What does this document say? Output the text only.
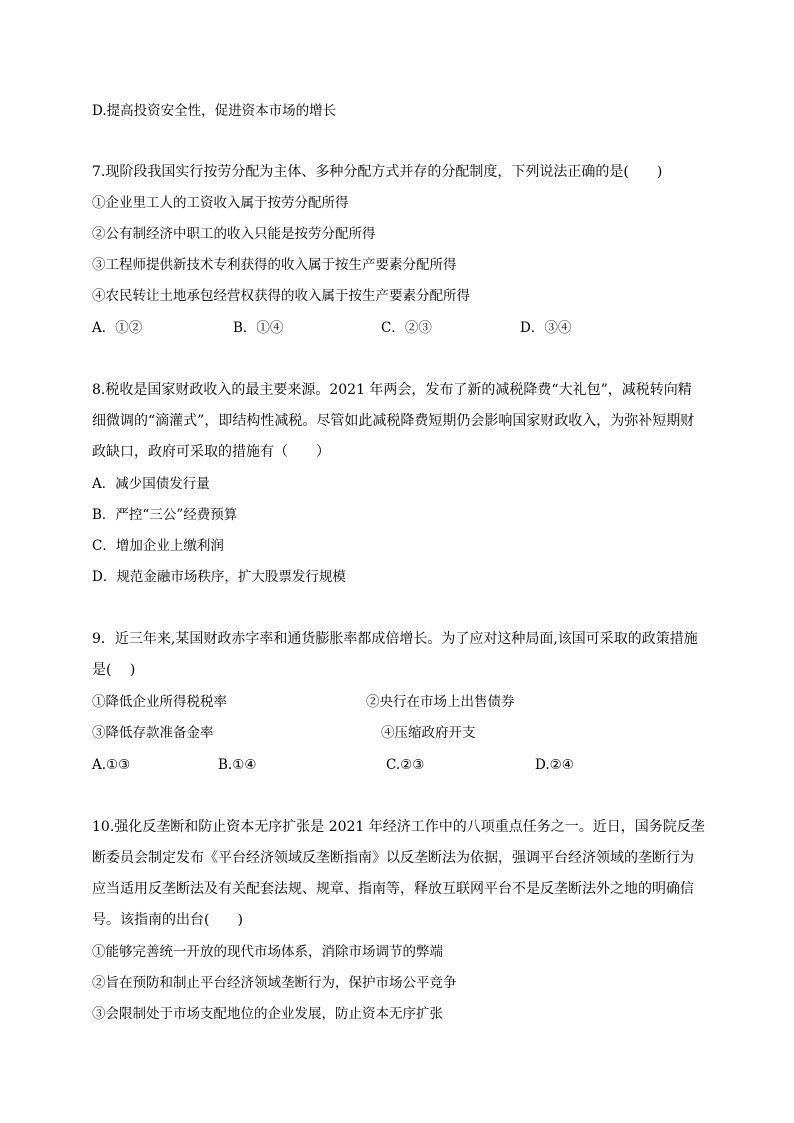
D.提高投资安全性，促进资本市场的增长
7.现阶段我国实行按劳分配为主体、多种分配方式并存的分配制度，下列说法正确的是(　　)
①企业里工人的工资收入属于按劳分配所得
②公有制经济中职工的收入只能是按劳分配所得
③工程师提供新技术专利获得的收入属于按生产要素分配所得
④农民转让土地承包经营权获得的收入属于按生产要素分配所得
A．①②	B．①④	C．②③	D．③④
8.税收是国家财政收入的最主要来源。2021 年两会，发布了新的减税降费“大礼包”，减税转向精
细微调的“滴灌式”，即结构性减税。尽管如此减税降费短期仍会影响国家财政收入，为弥补短期财
政缺口，政府可采取的措施有（　　）
A．减少国债发行量
B．严控“三公”经费预算
C．增加企业上缴利润
D．规范金融市场秩序，扩大股票发行规模
9．近三年来,某国财政赤字率和通货膨胀率都成倍增长。为了应对这种局面,该国可采取的政策措施
是(　 )
①降低企业所得税税率	②央行在市场上出售债券
③降低存款准备金率	④压缩政府开支
A.①③	B.①④	C.②③	D.②④
10.强化反垄断和防止资本无序扩张是 2021 年经济工作中的八项重点任务之一。近日，国务院反垄
断委员会制定发布《平台经济领域反垄断指南》以反垄断法为依据，强调平台经济领域的垄断行为
应当适用反垄断法及有关配套法规、规章、指南等，释放互联网平台不是反垄断法外之地的明确信
号。该指南的出台(　　)
①能够完善统一开放的现代市场体系，消除市场调节的弊端
②旨在预防和制止平台经济领域垄断行为，保护市场公平竞争
③会限制处于市场支配地位的企业发展，防止资本无序扩张
